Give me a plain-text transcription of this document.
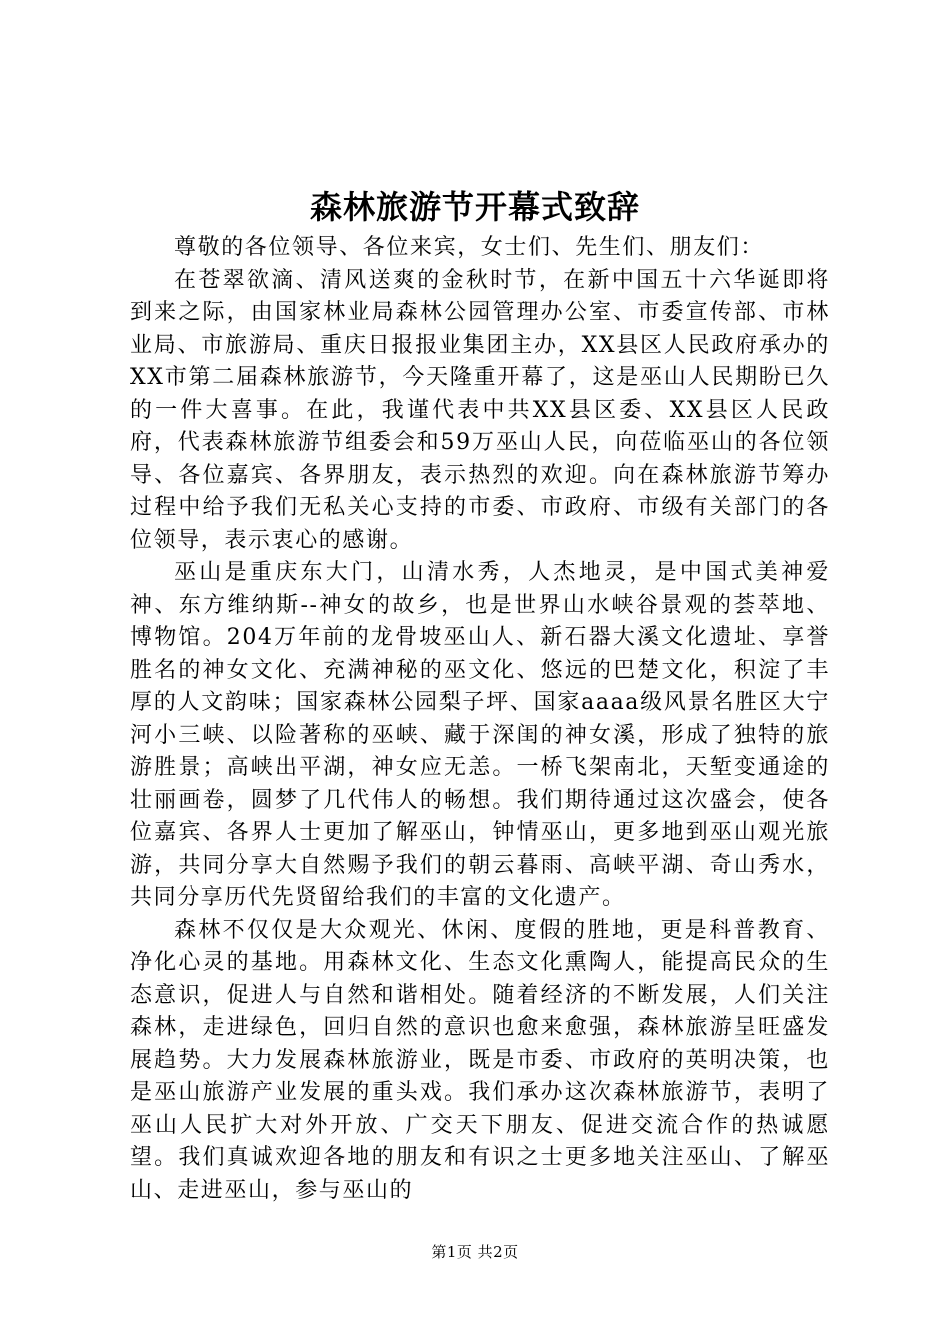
森林旅游节开幕式致辞

尊敬的各位领导、各位来宾，女士们、先生们、朋友们：

在苍翠欲滴、清风送爽的金秋时节，在新中国五十六华诞即将到来之际，由国家林业局森林公园管理办公室、市委宣传部、市林业局、市旅游局、重庆日报报业集团主办，XX县区人民政府承办的XX市第二届森林旅游节，今天隆重开幕了，这是巫山人民期盼已久的一件大喜事。在此，我谨代表中共XX县区委、XX县区人民政府，代表森林旅游节组委会和59万巫山人民，向莅临巫山的各位领导、各位嘉宾、各界朋友，表示热烈的欢迎。向在森林旅游节筹办过程中给予我们无私关心支持的市委、市政府、市级有关部门的各位领导，表示衷心的感谢。

巫山是重庆东大门，山清水秀，人杰地灵，是中国式美神爱神、东方维纳斯--神女的故乡，也是世界山水峡谷景观的荟萃地、博物馆。204万年前的龙骨坡巫山人、新石器大溪文化遗址、享誉胜名的神女文化、充满神秘的巫文化、悠远的巴楚文化，积淀了丰厚的人文韵味；国家森林公园梨子坪、国家aaaa级风景名胜区大宁河小三峡、以险著称的巫峡、藏于深闺的神女溪，形成了独特的旅游胜景；高峡出平湖，神女应无恙。一桥飞架南北，天堑变通途的壮丽画卷，圆梦了几代伟人的畅想。我们期待通过这次盛会，使各位嘉宾、各界人士更加了解巫山，钟情巫山，更多地到巫山观光旅游，共同分享大自然赐予我们的朝云暮雨、高峡平湖、奇山秀水，共同分享历代先贤留给我们的丰富的文化遗产。

森林不仅仅是大众观光、休闲、度假的胜地，更是科普教育、净化心灵的基地。用森林文化、生态文化熏陶人，能提高民众的生态意识，促进人与自然和谐相处。随着经济的不断发展，人们关注森林，走进绿色，回归自然的意识也愈来愈强，森林旅游呈旺盛发展趋势。大力发展森林旅游业，既是市委、市政府的英明决策，也是巫山旅游产业发展的重头戏。我们承办这次森林旅游节，表明了巫山人民扩大对外开放、广交天下朋友、促进交流合作的热诚愿望。我们真诚欢迎各地的朋友和有识之士更多地关注巫山、了解巫山、走进巫山，参与巫山的

第1页 共2页
